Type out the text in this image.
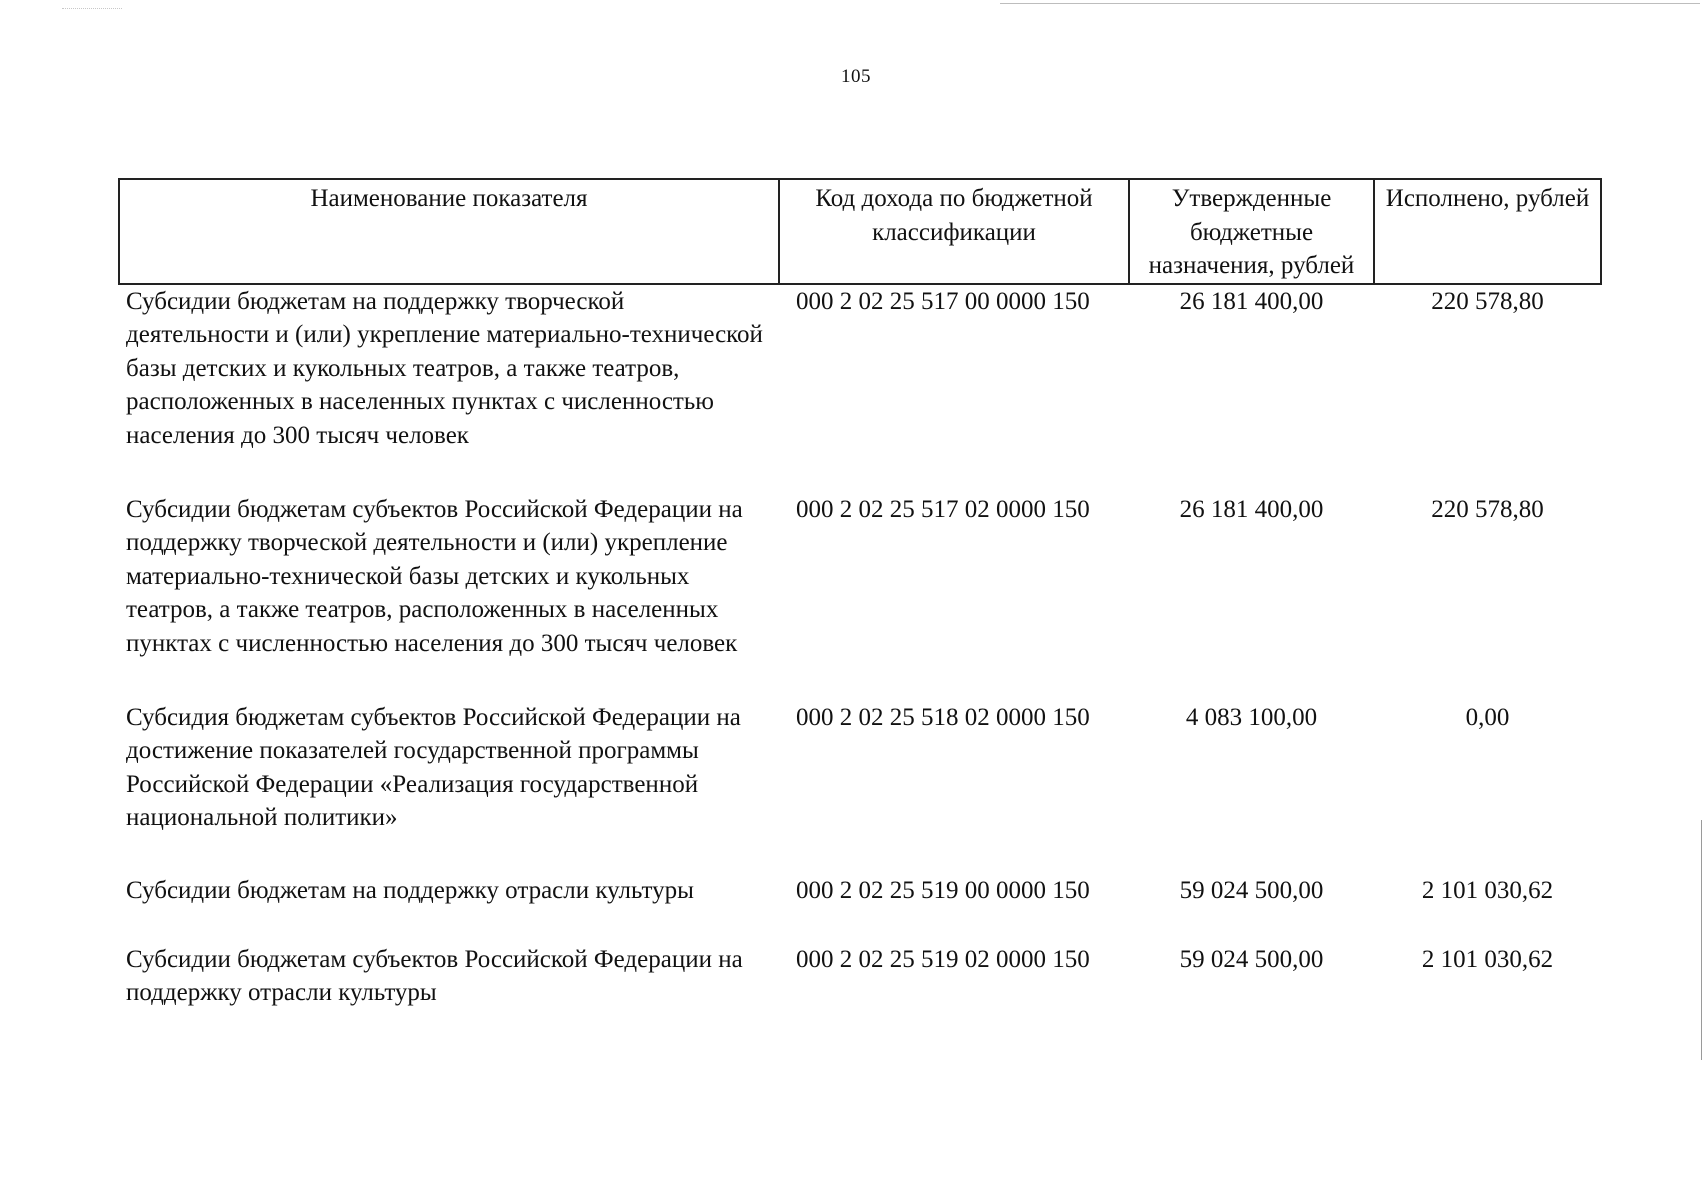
105
Наименование показателя	Код дохода по бюджетной классификации	Утвержденные бюджетные назначения, рублей	Исполнено, рублей
Субсидии бюджетам на поддержку творческой деятельности и (или) укрепление материально-технической базы детских и кукольных театров, а также театров, расположенных в населенных пунктах с численностью населения до 300 тысяч человек	000 2 02 25 517 00 0000 150	26 181 400,00	220 578,80
Субсидии бюджетам субъектов Российской Федерации на поддержку творческой деятельности и (или) укрепление материально-технической базы детских и кукольных театров, а также театров, расположенных в населенных пунктах с численностью населения до 300 тысяч человек	000 2 02 25 517 02 0000 150	26 181 400,00	220 578,80
Субсидия бюджетам субъектов Российской Федерации на достижение показателей государственной программы Российской Федерации «Реализация государственной национальной политики»	000 2 02 25 518 02 0000 150	4 083 100,00	0,00
Субсидии бюджетам на поддержку отрасли культуры	000 2 02 25 519 00 0000 150	59 024 500,00	2 101 030,62
Субсидии бюджетам субъектов Российской Федерации на поддержку отрасли культуры	000 2 02 25 519 02 0000 150	59 024 500,00	2 101 030,62
